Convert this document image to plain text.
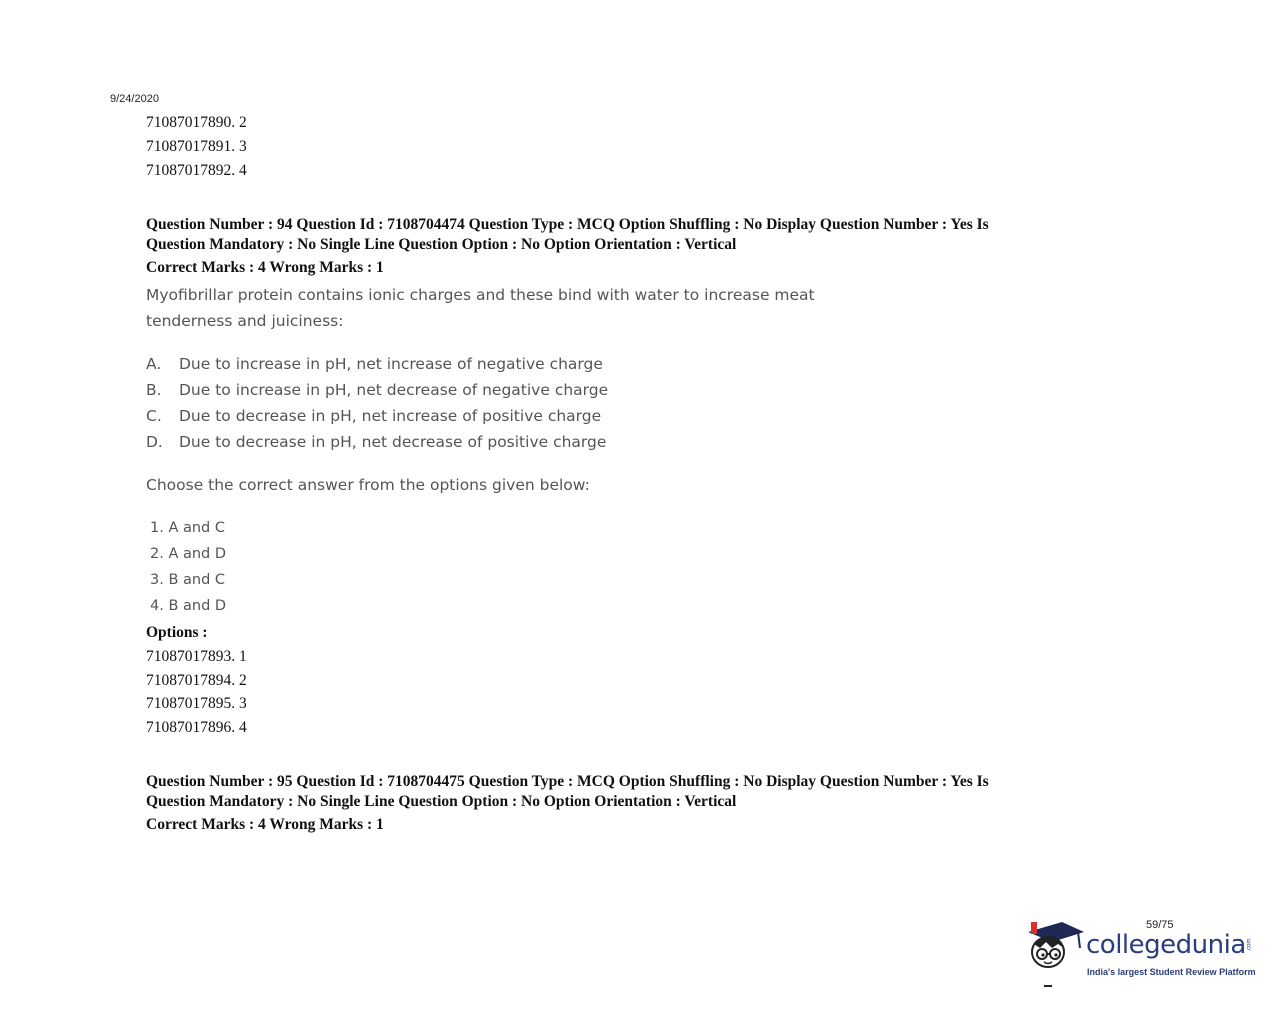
9/24/2020
71087017890. 2
71087017891. 3
71087017892. 4
Question Number : 94 Question Id : 7108704474 Question Type : MCQ Option Shuffling : No Display Question Number : Yes Is
Question Mandatory : No Single Line Question Option : No Option Orientation : Vertical
Correct Marks : 4 Wrong Marks : 1
Myofibrillar protein contains ionic charges and these bind with water to increase meat
tenderness and juiciness:
A. Due to increase in pH, net increase of negative charge
B. Due to increase in pH, net decrease of negative charge
C. Due to decrease in pH, net increase of positive charge
D. Due to decrease in pH, net decrease of positive charge
Choose the correct answer from the options given below:
1. A and C
2. A and D
3. B and C
4. B and D
Options :
71087017893. 1
71087017894. 2
71087017895. 3
71087017896. 4
Question Number : 95 Question Id : 7108704475 Question Type : MCQ Option Shuffling : No Display Question Number : Yes Is
Question Mandatory : No Single Line Question Option : No Option Orientation : Vertical
Correct Marks : 4 Wrong Marks : 1
59/75
collegedunia .com
India's largest Student Review Platform
